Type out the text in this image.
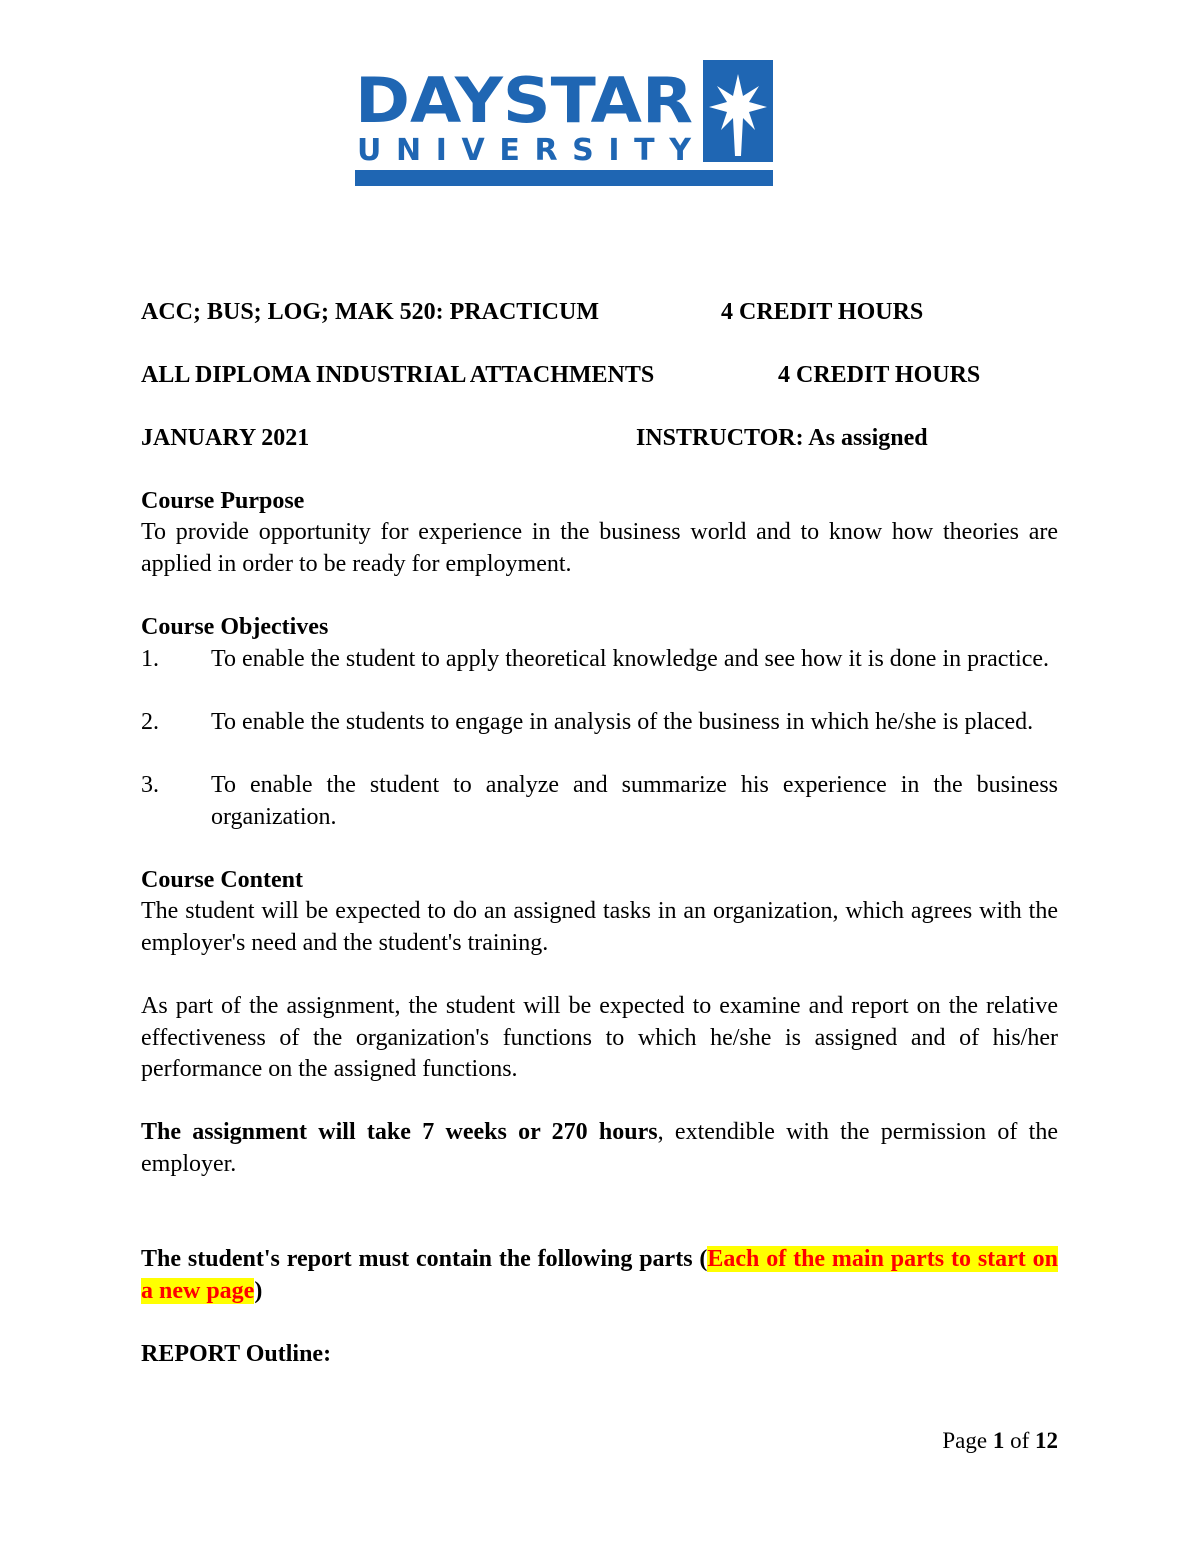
DAYSTAR
UNIVERSITY
ACC; BUS; LOG; MAK 520: PRACTICUM	4 CREDIT HOURS
ALL DIPLOMA INDUSTRIAL ATTACHMENTS	4 CREDIT HOURS
JANUARY 2021	INSTRUCTOR: As assigned
Course Purpose
To provide opportunity for experience in the business world and to know how theories are applied in order to be ready for employment.
Course Objectives
1. To enable the student to apply theoretical knowledge and see how it is done in practice.
2. To enable the students to engage in analysis of the business in which he/she is placed.
3. To enable the student to analyze and summarize his experience in the business organization.
Course Content
The student will be expected to do an assigned tasks in an organization, which agrees with the employer's need and the student's training.
As part of the assignment, the student will be expected to examine and report on the relative effectiveness of the organization's functions to which he/she is assigned and of his/her performance on the assigned functions.
The assignment will take 7 weeks or 270 hours, extendible with the permission of the employer.
The student's report must contain the following parts (Each of the main parts to start on a new page)
REPORT Outline:
Page 1 of 12
